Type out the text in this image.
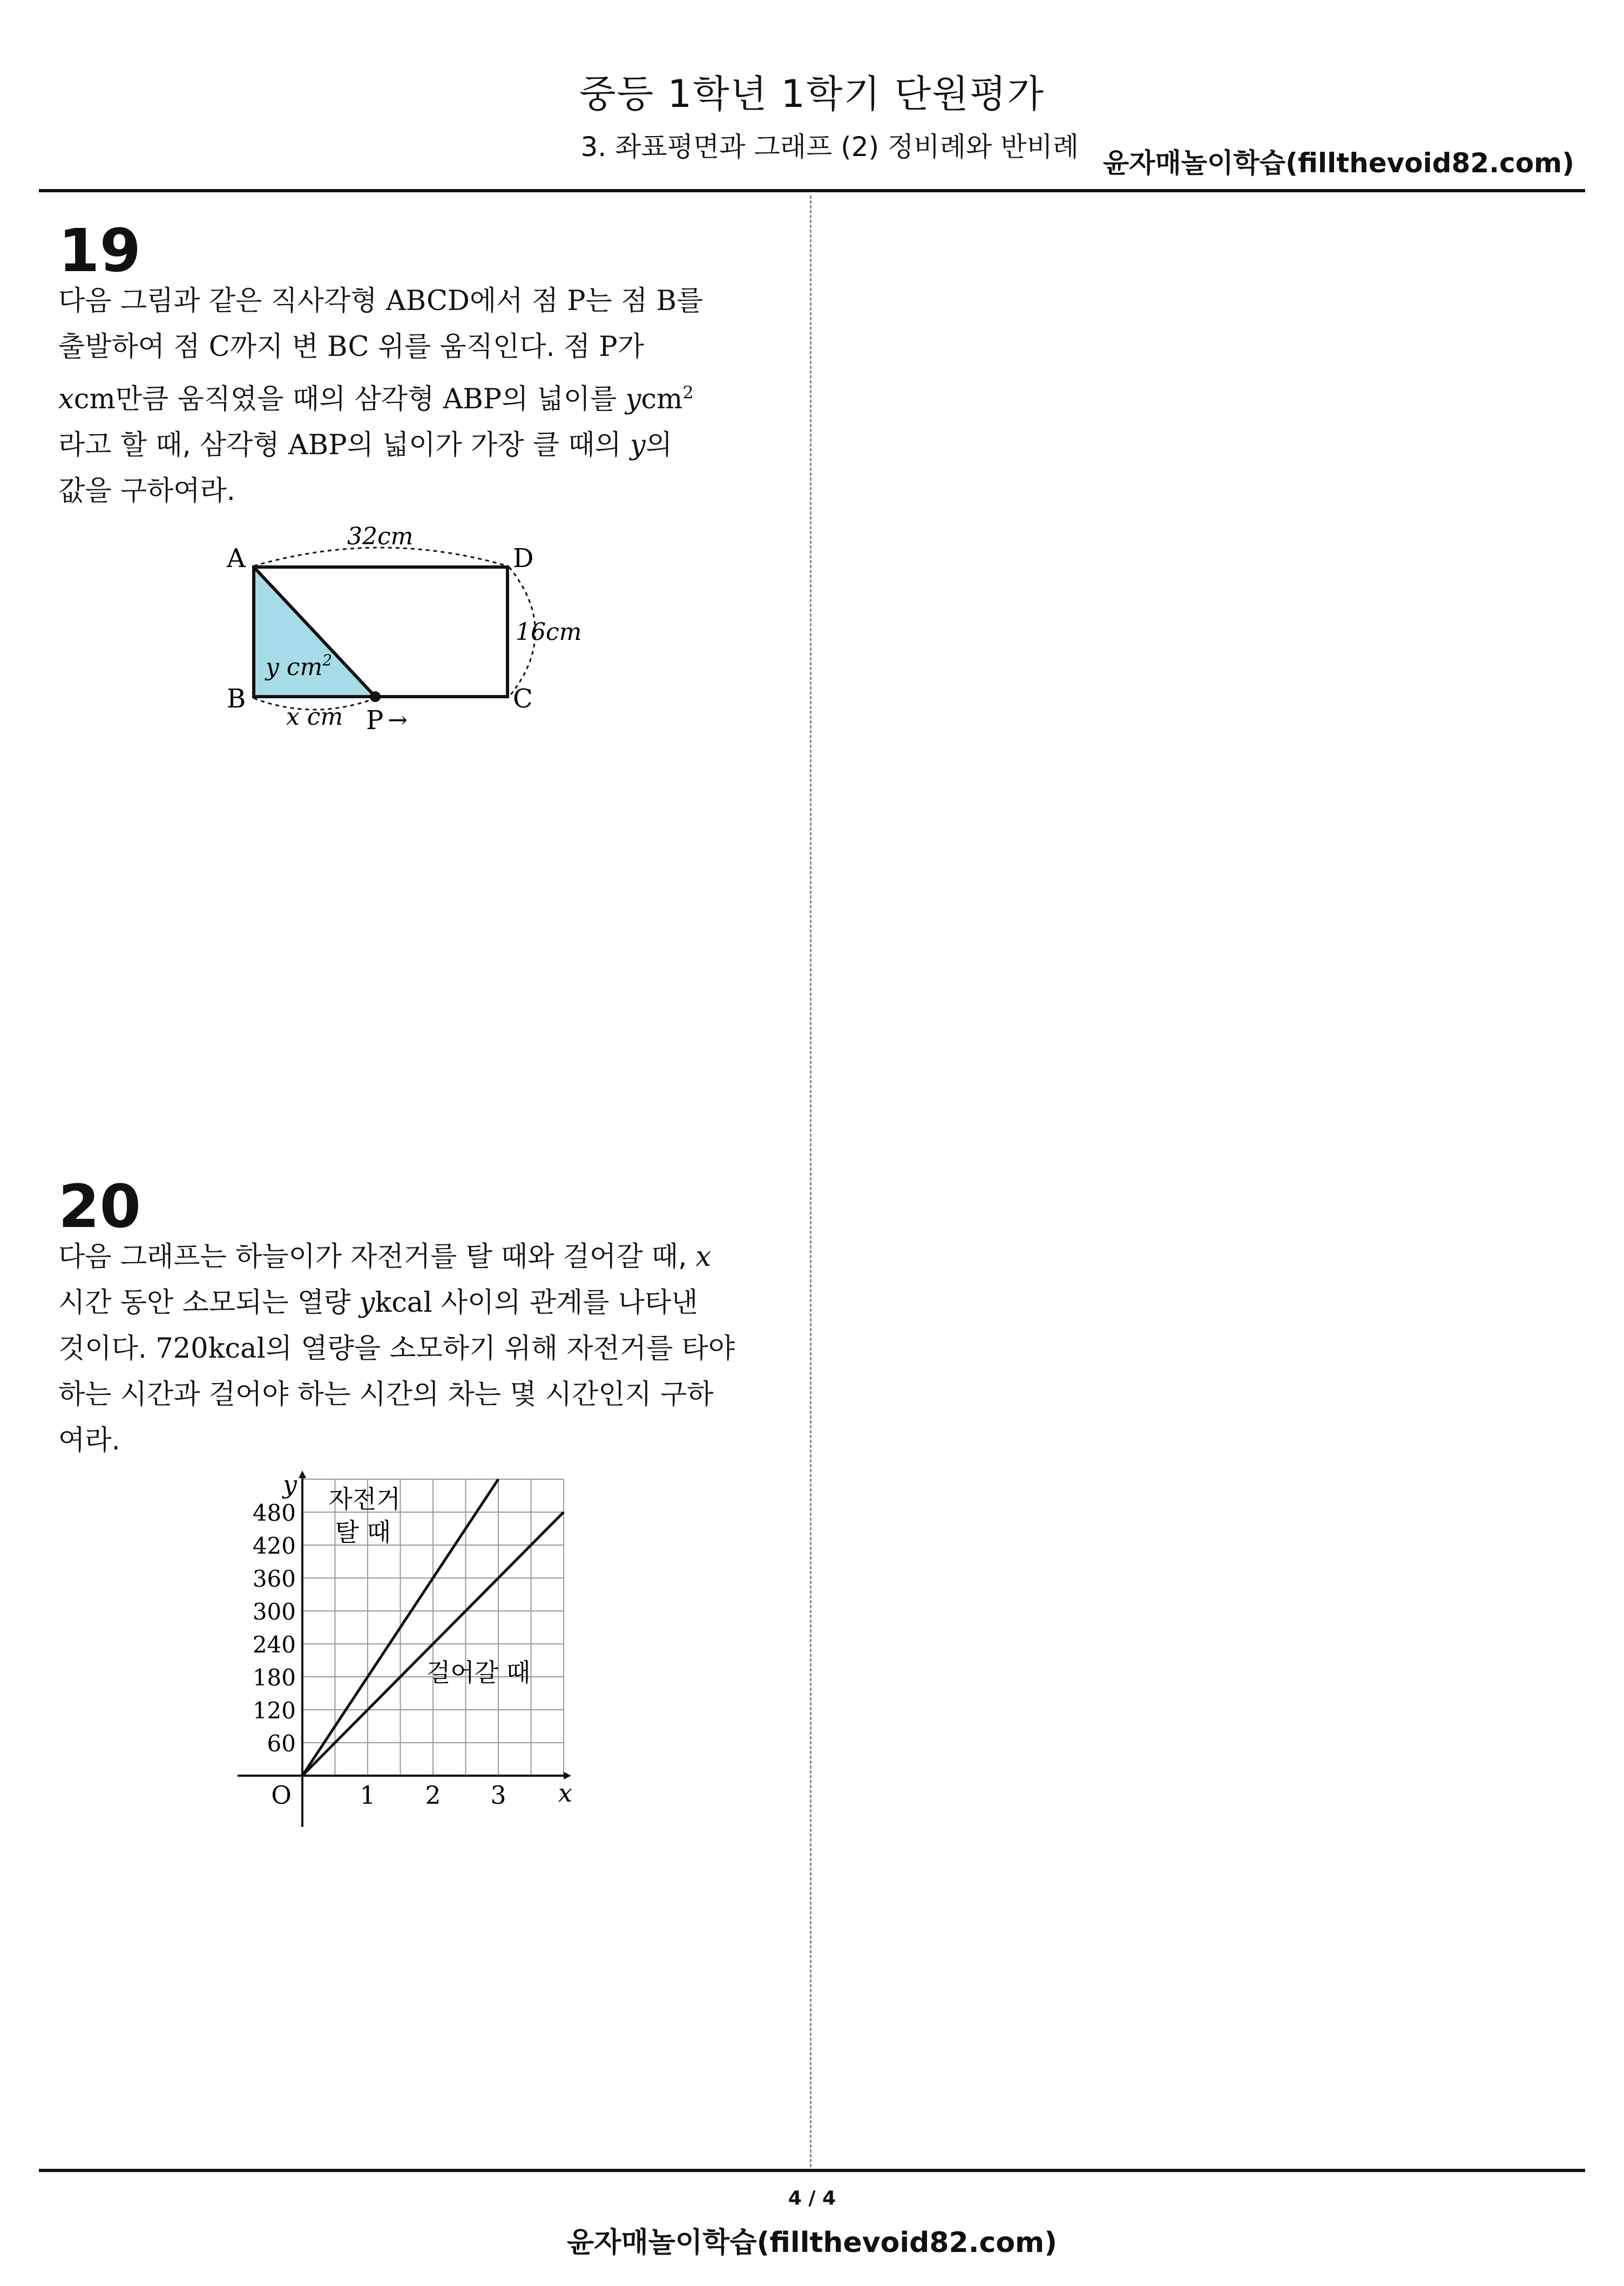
중등 1학년 1학기 단원평가
3. 좌표평면과 그래프 (2) 정비례와 반비례
윤자매놀이학습(fillthevoid82.com)
19
다음 그림과 같은 직사각형 ABCD에서 점 P는 점 B를
출발하여 점 C까지 변 BC 위를 움직인다. 점 P가
xcm만큼 움직였을 때의 삼각형 ABP의 넓이를 ycm$^2$
라고 할 때, 삼각형 ABP의 넓이가 가장 클 때의 y의
값을 구하여라.
A
B	C
D
P →
32cm
16cm
y $cm^2$
x cm
20
다음 그래프는 하늘이가 자전거를 탈 때와 걸어갈 때, x
시간 동안 소모되는 열량 ykcal 사이의 관계를 나타낸
것이다. 720kcal의 열량을 소모하기 위해 자전거를 타야
하는 시간과 걸어야 하는 시간의 차는 몇 시간인지 구하
여라.
60
120
180
240
300
360
420
480
1 2 3
O	x
y 자전거
탈 때
걸어갈 때
4 / 4
윤자매놀이학습(fillthevoid82.com)
